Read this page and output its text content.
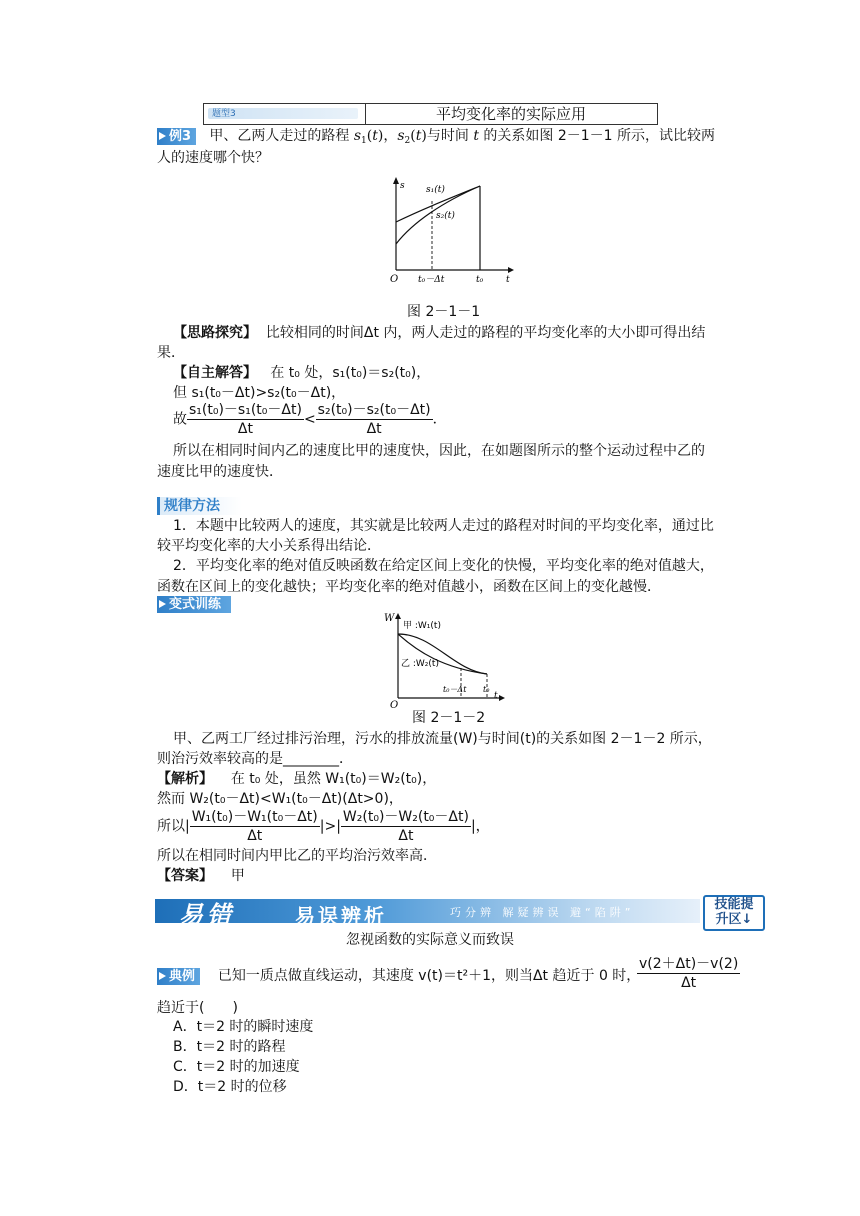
题型3	平均变化率的实际应用
例3 甲、乙两人走过的路程 $s_1(t)$，$s_2(t)$与时间 t 的关系如图 2－1－1 所示，试比较两
人的速度哪个快？
O
s
t
s₁(t)
s₂(t)
t₀－Δt	t₀
图 2－1－1
【思路探究】 比较相同的时间Δt 内，两人走过的路程的平均变化率的大小即可得出结
果．
【自主解答】 在 t₀ 处，s₁(t₀)＝s₂(t₀)，
但 s₁(t₀－Δt)>s₂(t₀－Δt)，
故 $\frac{\text{s₁(t₀)－s₁(t₀－Δt)}}{\Delta t} < \frac{\text{s₂(t₀)－s₂(t₀－Δt)}}{\Delta t}$ ．
所以在相同时间内乙的速度比甲的速度快，因此，在如题图所示的整个运动过程中乙的
速度比甲的速度快．
规律方法
1．本题中比较两人的速度，其实就是比较两人走过的路程对时间的平均变化率，通过比
较平均变化率的大小关系得出结论．
2．平均变化率的绝对值反映函数在给定区间上变化的快慢，平均变化率的绝对值越大，
函数在区间上的变化越快；平均变化率的绝对值越小，函数在区间上的变化越慢．
变式训练
O
W
t
甲 :W₁(t)
乙 :W₂(t)
t₀－Δt t₀
图 2－1－2
甲、乙两工厂经过排污治理，污水的排放流量(W)与时间(t)的关系如图 2－1－2 所示，
则治污效率较高的是________．
【解析】 在 t₀ 处，虽然 W₁(t₀)＝W₂(t₀)，
然而 W₂(t₀－Δt)<W₁(t₀－Δt)(Δt>0)，
所以| $\frac{\text{W₁(t₀)－W₁(t₀－Δt)}}{\Delta t}$ |>| $\frac{\text{W₂(t₀)－W₂(t₀－Δt)}}{\Delta t}$ |，
所以在相同时间内甲比乙的平均治污效率高．
【答案】 甲
易错	易误辨析	巧分辨 解疑辨误 避“陷阱”
技能提升区↓
忽视函数的实际意义而致误
典例 已知一质点做直线运动，其速度 v(t)＝t²＋1，则当Δt 趋近于 0 时，
$\frac{v(2+\Delta t)-v(2)}{\Delta t}$
趋近于(　　)
A．t＝2 时的瞬时速度
B．t＝2 时的路程
C．t＝2 时的加速度
D．t＝2 时的位移
